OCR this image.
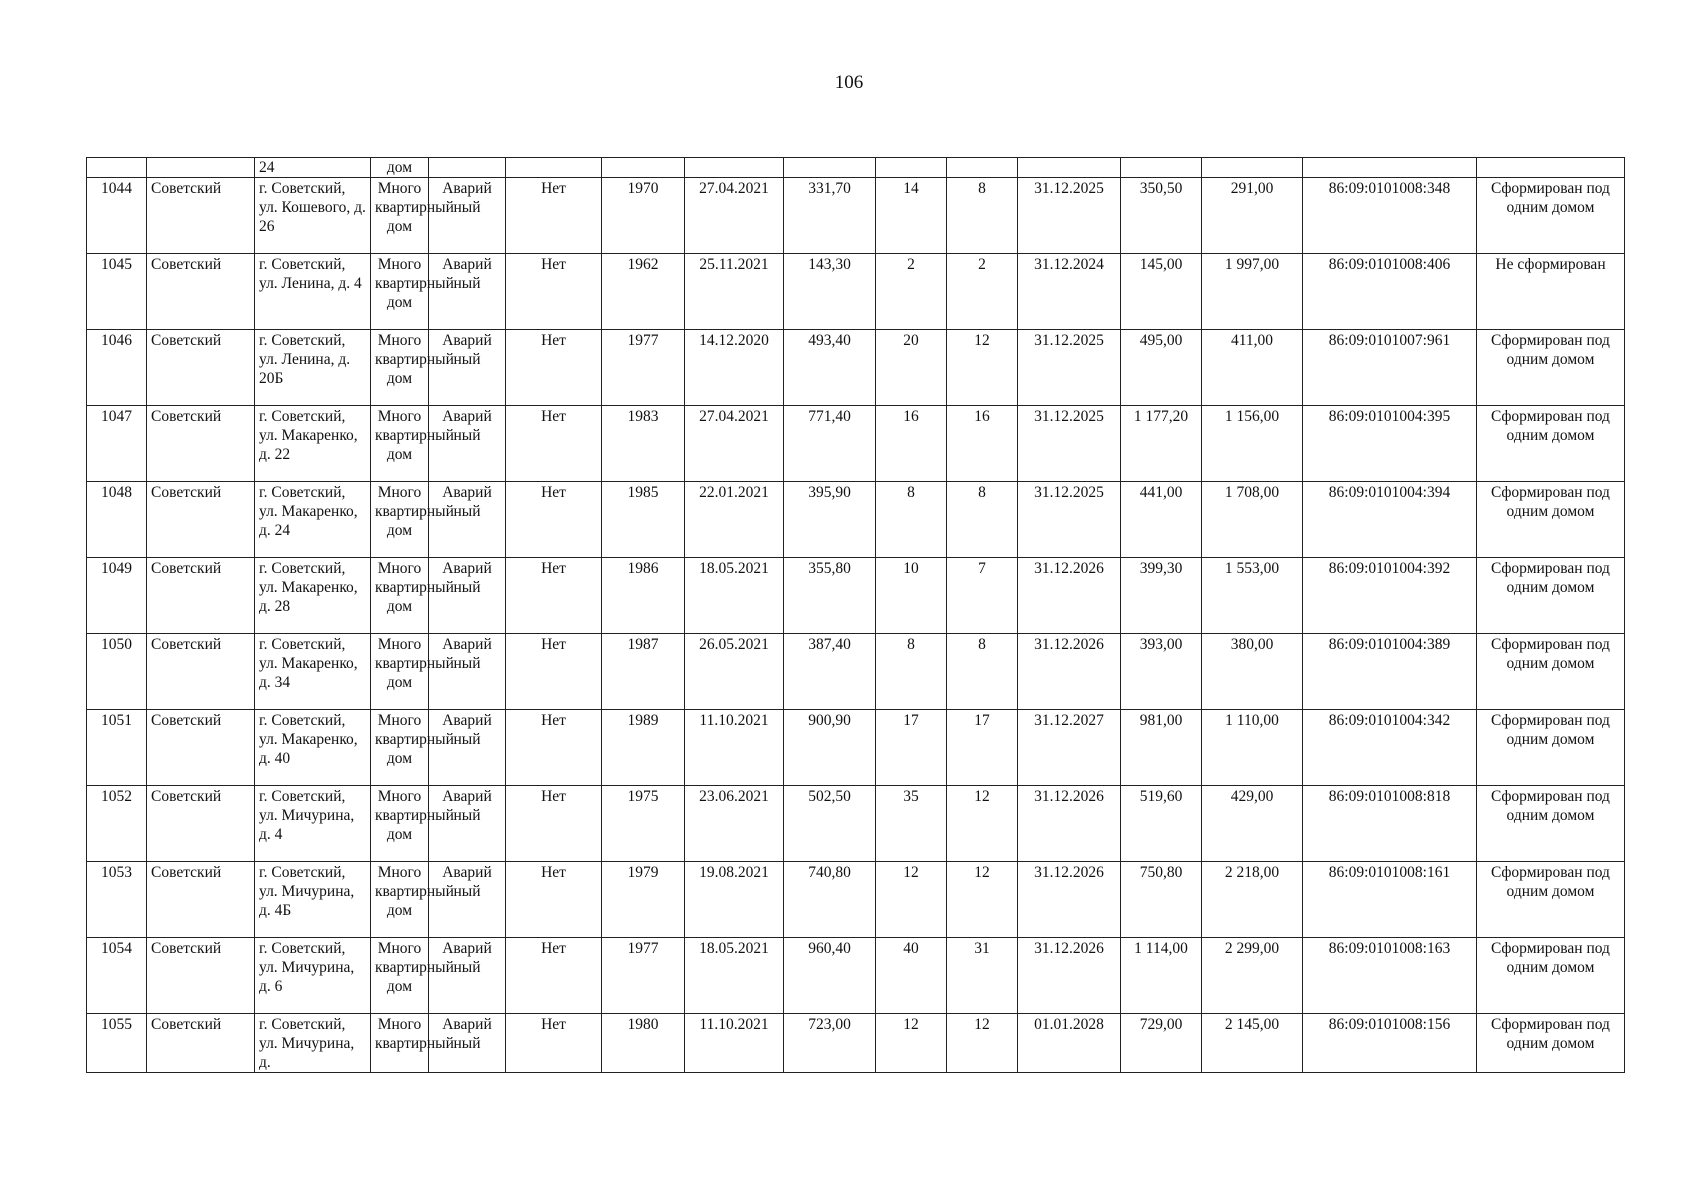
106
		24	дом												
1044	Советский	г. Советский, ул. Кошевого, д. 26	Много квартирный дом	Аварий ный	Нет	1970	27.04.2021	331,70	14	8	31.12.2025	350,50	291,00	86:09:0101008:348	Сформирован под одним домом
1045	Советский	г. Советский, ул. Ленина, д. 4	Много квартирный дом	Аварий ный	Нет	1962	25.11.2021	143,30	2	2	31.12.2024	145,00	1 997,00	86:09:0101008:406	Не сформирован
1046	Советский	г. Советский, ул. Ленина, д. 20Б	Много квартирный дом	Аварий ный	Нет	1977	14.12.2020	493,40	20	12	31.12.2025	495,00	411,00	86:09:0101007:961	Сформирован под одним домом
1047	Советский	г. Советский, ул. Макаренко, д. 22	Много квартирный дом	Аварий ный	Нет	1983	27.04.2021	771,40	16	16	31.12.2025	1 177,20	1 156,00	86:09:0101004:395	Сформирован под одним домом
1048	Советский	г. Советский, ул. Макаренко, д. 24	Много квартирный дом	Аварий ный	Нет	1985	22.01.2021	395,90	8	8	31.12.2025	441,00	1 708,00	86:09:0101004:394	Сформирован под одним домом
1049	Советский	г. Советский, ул. Макаренко, д. 28	Много квартирный дом	Аварий ный	Нет	1986	18.05.2021	355,80	10	7	31.12.2026	399,30	1 553,00	86:09:0101004:392	Сформирован под одним домом
1050	Советский	г. Советский, ул. Макаренко, д. 34	Много квартирный дом	Аварий ный	Нет	1987	26.05.2021	387,40	8	8	31.12.2026	393,00	380,00	86:09:0101004:389	Сформирован под одним домом
1051	Советский	г. Советский, ул. Макаренко, д. 40	Много квартирный дом	Аварий ный	Нет	1989	11.10.2021	900,90	17	17	31.12.2027	981,00	1 110,00	86:09:0101004:342	Сформирован под одним домом
1052	Советский	г. Советский, ул. Мичурина, д. 4	Много квартирный дом	Аварий ный	Нет	1975	23.06.2021	502,50	35	12	31.12.2026	519,60	429,00	86:09:0101008:818	Сформирован под одним домом
1053	Советский	г. Советский, ул. Мичурина, д. 4Б	Много квартирный дом	Аварий ный	Нет	1979	19.08.2021	740,80	12	12	31.12.2026	750,80	2 218,00	86:09:0101008:161	Сформирован под одним домом
1054	Советский	г. Советский, ул. Мичурина, д. 6	Много квартирный дом	Аварий ный	Нет	1977	18.05.2021	960,40	40	31	31.12.2026	1 114,00	2 299,00	86:09:0101008:163	Сформирован под одним домом
1055	Советский	г. Советский, ул. Мичурина, д.	Много квартирный	Аварий ный	Нет	1980	11.10.2021	723,00	12	12	01.01.2028	729,00	2 145,00	86:09:0101008:156	Сформирован под одним домом
